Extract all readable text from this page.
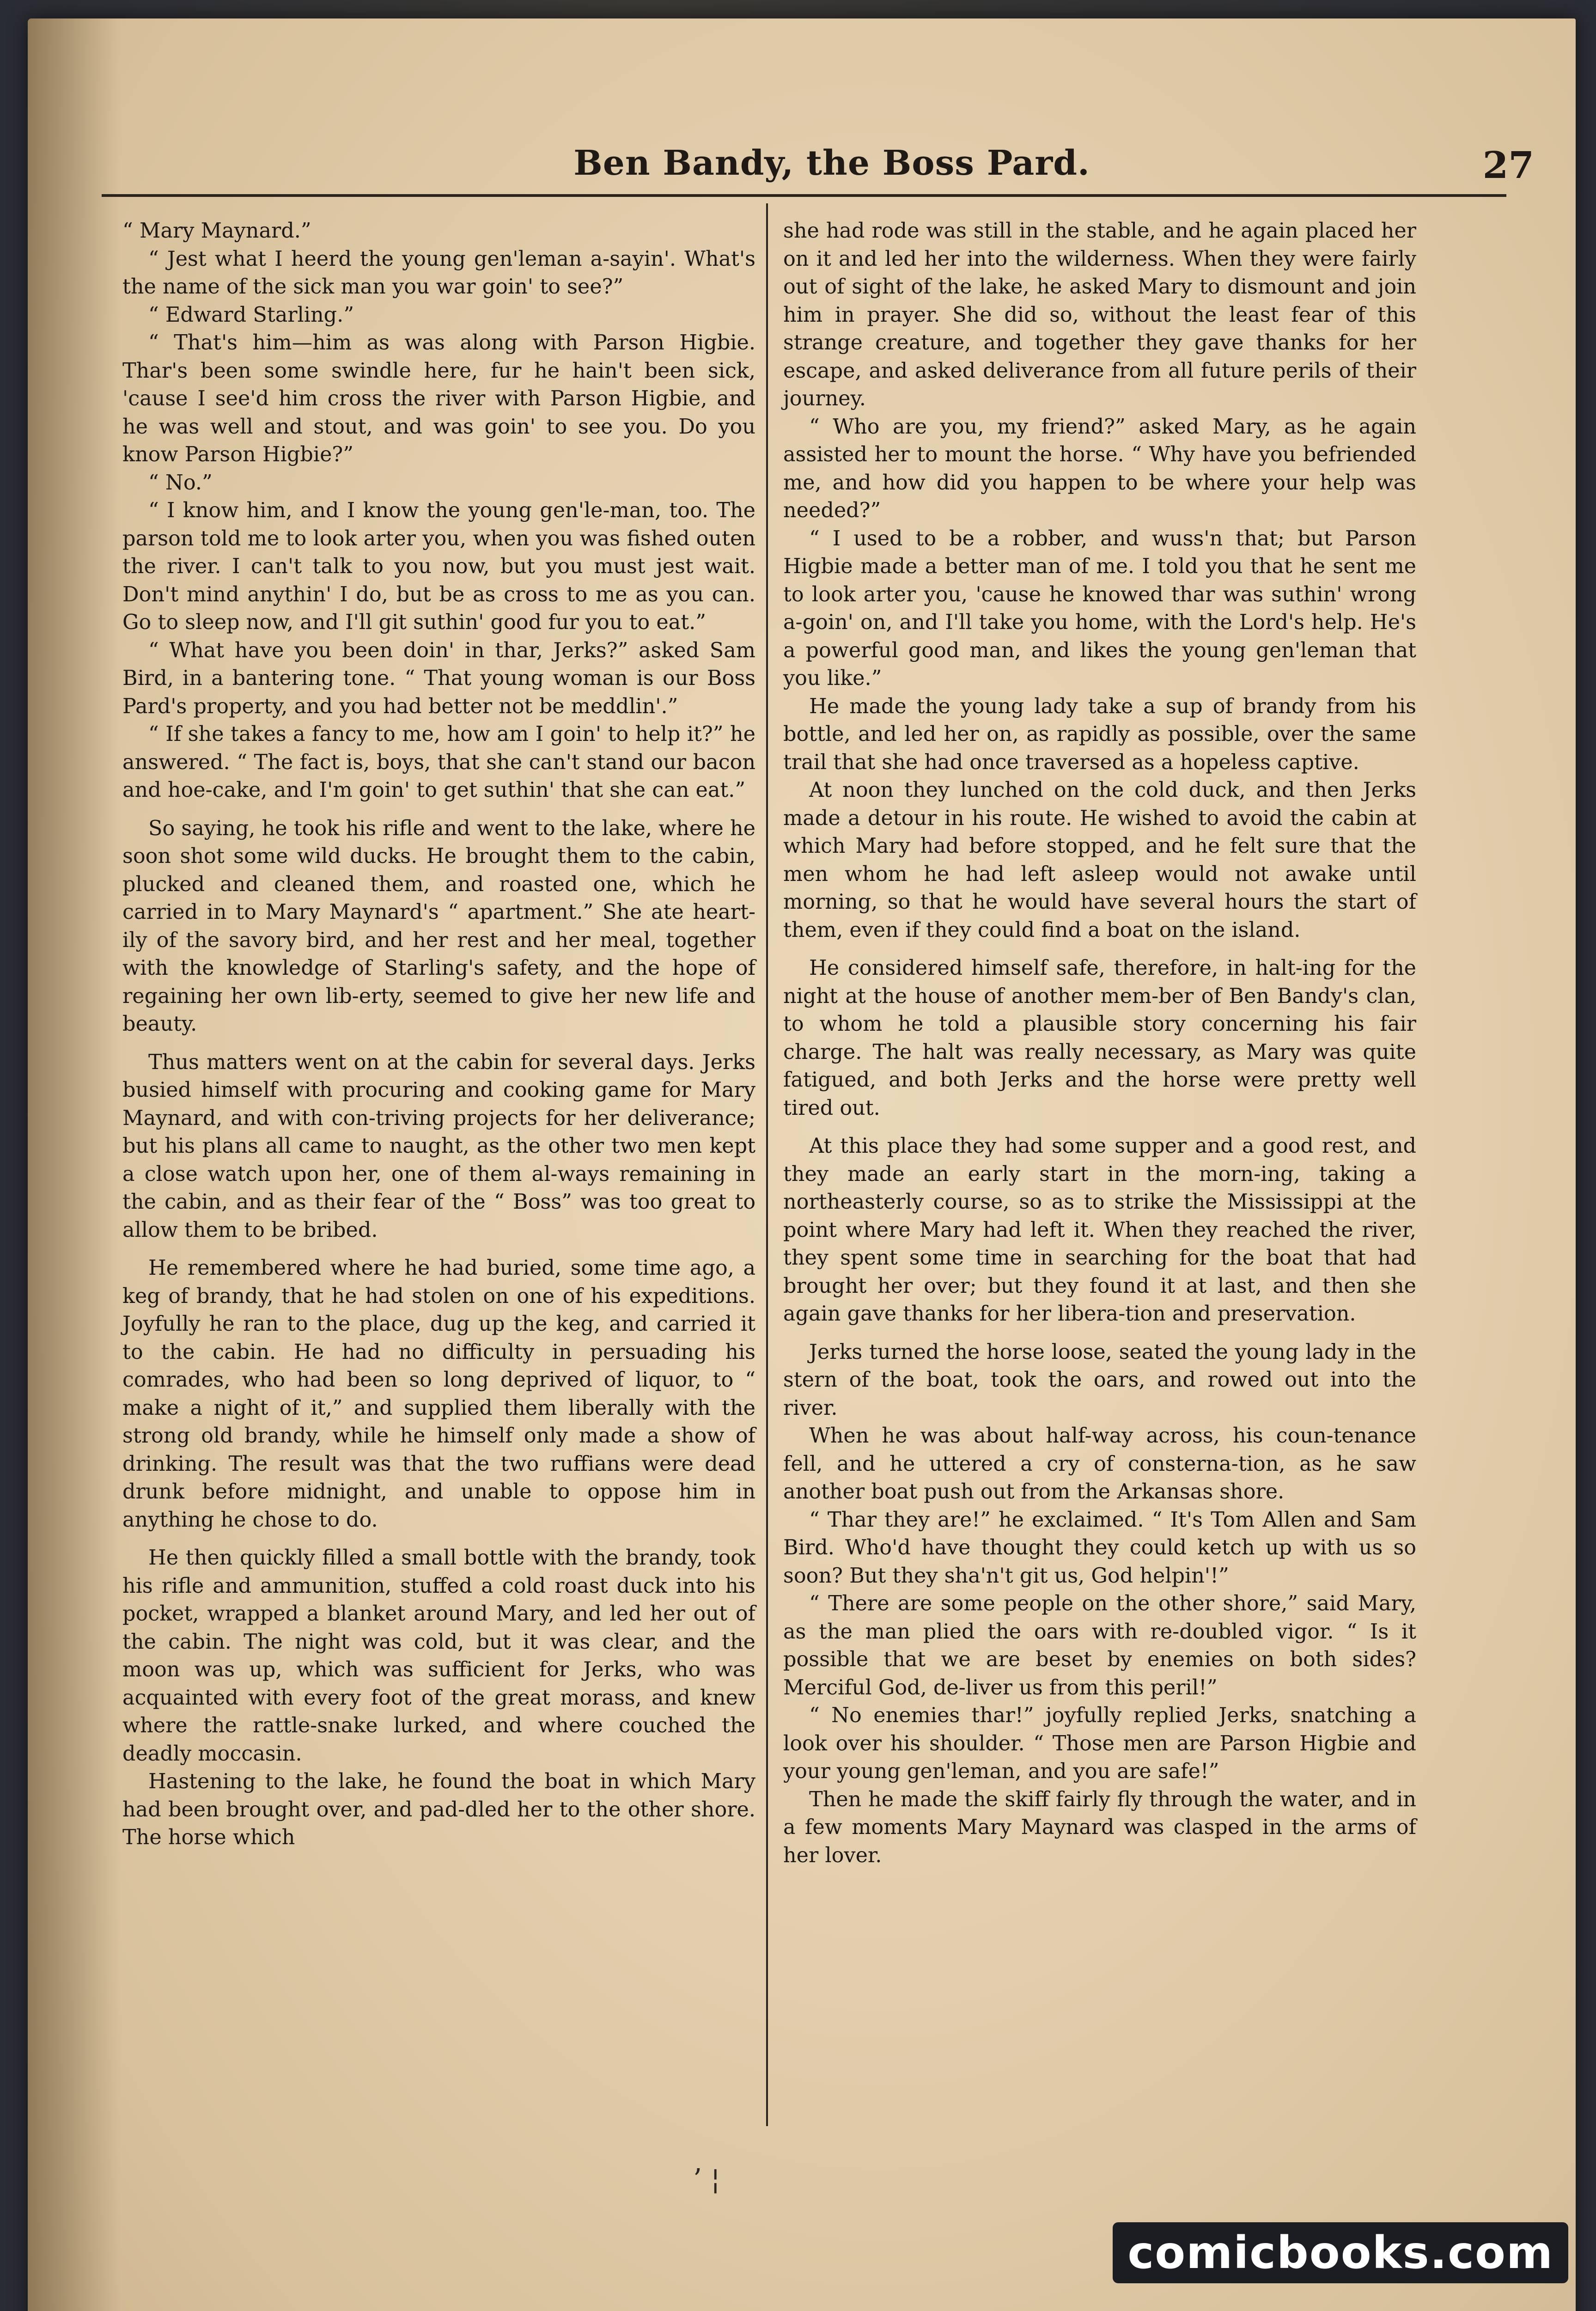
Ben Bandy, the Boss Pard.	27

“ Mary Maynard.”

“ Jest what I heerd the young gen'leman a-sayin'. What's the name of the sick man you war goin' to see?”

“ Edward Starling.”

“ That's him—him as was along with Parson Higbie. Thar's been some swindle here, fur he hain't been sick, 'cause I see'd him cross the river with Parson Higbie, and he was well and stout, and was goin' to see you. Do you know Parson Higbie?”

“ No.”

“ I know him, and I know the young gen'le-man, too. The parson told me to look arter you, when you was fished outen the river. I can't talk to you now, but you must jest wait. Don't mind anythin' I do, but be as cross to me as you can. Go to sleep now, and I'll git suthin' good fur you to eat.”

“ What have you been doin' in thar, Jerks?” asked Sam Bird, in a bantering tone. “ That young woman is our Boss Pard's property, and you had better not be meddlin'.”

“ If she takes a fancy to me, how am I goin' to help it?” he answered. “ The fact is, boys, that she can't stand our bacon and hoe-cake, and I'm goin' to get suthin' that she can eat.”

So saying, he took his rifle and went to the lake, where he soon shot some wild ducks. He brought them to the cabin, plucked and cleaned them, and roasted one, which he carried in to Mary Maynard's “ apartment.” She ate heart-ily of the savory bird, and her rest and her meal, together with the knowledge of Starling's safety, and the hope of regaining her own lib-erty, seemed to give her new life and beauty.

Thus matters went on at the cabin for several days. Jerks busied himself with procuring and cooking game for Mary Maynard, and with con-triving projects for her deliverance; but his plans all came to naught, as the other two men kept a close watch upon her, one of them al-ways remaining in the cabin, and as their fear of the “ Boss” was too great to allow them to be bribed.

He remembered where he had buried, some time ago, a keg of brandy, that he had stolen on one of his expeditions. Joyfully he ran to the place, dug up the keg, and carried it to the cabin. He had no difficulty in persuading his comrades, who had been so long deprived of liquor, to “ make a night of it,” and supplied them liberally with the strong old brandy, while he himself only made a show of drinking. The result was that the two ruffians were dead drunk before midnight, and unable to oppose him in anything he chose to do.

He then quickly filled a small bottle with the brandy, took his rifle and ammunition, stuffed a cold roast duck into his pocket, wrapped a blanket around Mary, and led her out of the cabin. The night was cold, but it was clear, and the moon was up, which was sufficient for Jerks, who was acquainted with every foot of the great morass, and knew where the rattle-snake lurked, and where couched the deadly moccasin.

Hastening to the lake, he found the boat in which Mary had been brought over, and pad-dled her to the other shore. The horse which

she had rode was still in the stable, and he again placed her on it and led her into the wilderness. When they were fairly out of sight of the lake, he asked Mary to dismount and join him in prayer. She did so, without the least fear of this strange creature, and together they gave thanks for her escape, and asked deliverance from all future perils of their journey.

“ Who are you, my friend?” asked Mary, as he again assisted her to mount the horse. “ Why have you befriended me, and how did you happen to be where your help was needed?”

“ I used to be a robber, and wuss'n that; but Parson Higbie made a better man of me. I told you that he sent me to look arter you, 'cause he knowed thar was suthin' wrong a-goin' on, and I'll take you home, with the Lord's help. He's a powerful good man, and likes the young gen'leman that you like.”

He made the young lady take a sup of brandy from his bottle, and led her on, as rapidly as possible, over the same trail that she had once traversed as a hopeless captive.

At noon they lunched on the cold duck, and then Jerks made a detour in his route. He wished to avoid the cabin at which Mary had before stopped, and he felt sure that the men whom he had left asleep would not awake until morning, so that he would have several hours the start of them, even if they could find a boat on the island.

He considered himself safe, therefore, in halt-ing for the night at the house of another mem-ber of Ben Bandy's clan, to whom he told a plausible story concerning his fair charge. The halt was really necessary, as Mary was quite fatigued, and both Jerks and the horse were pretty well tired out.

At this place they had some supper and a good rest, and they made an early start in the morn-ing, taking a northeasterly course, so as to strike the Mississippi at the point where Mary had left it. When they reached the river, they spent some time in searching for the boat that had brought her over; but they found it at last, and then she again gave thanks for her libera-tion and preservation.

Jerks turned the horse loose, seated the young lady in the stern of the boat, took the oars, and rowed out into the river.

When he was about half-way across, his coun-tenance fell, and he uttered a cry of consterna-tion, as he saw another boat push out from the Arkansas shore.

“ Thar they are!” he exclaimed. “ It's Tom Allen and Sam Bird. Who'd have thought they could ketch up with us so soon? But they sha'n't git us, God helpin'!”

“ There are some people on the other shore,” said Mary, as the man plied the oars with re-doubled vigor. “ Is it possible that we are beset by enemies on both sides? Merciful God, de-liver us from this peril!”

“ No enemies thar!” joyfully replied Jerks, snatching a look over his shoulder. “ Those men are Parson Higbie and your young gen'leman, and you are safe!”

Then he made the skiff fairly fly through the water, and in a few moments Mary Maynard was clasped in the arms of her lover.

’ ¦
comicbooks.com
